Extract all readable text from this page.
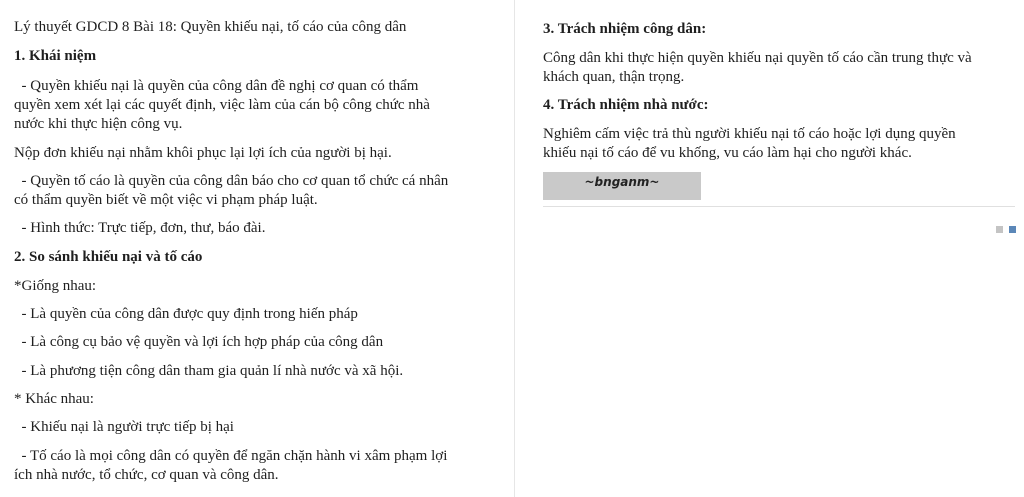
Lý thuyết GDCD 8 Bài 18: Quyền khiếu nại, tố cáo của công dân

1. Khái niệm

- Quyền khiếu nại là quyền của công dân đề nghị cơ quan có thẩm

quyền xem xét lại các quyết định, việc làm của cán bộ công chức nhà

nước khi thực hiện công vụ.

Nộp đơn khiếu nại nhằm khôi phục lại lợi ích của người bị hại.

- Quyền tố cáo là quyền của công dân báo cho cơ quan tổ chức cá nhân

có thẩm quyền biết về một việc vi phạm pháp luật.

- Hình thức: Trực tiếp, đơn, thư, báo đài.

2. So sánh khiếu nại và tố cáo

*Giống nhau:

- Là quyền của công dân được quy định trong hiến pháp

- Là công cụ bảo vệ quyền và lợi ích hợp pháp của công dân

- Là phương tiện công dân tham gia quản lí nhà nước và xã hội.

* Khác nhau:

- Khiếu nại là người trực tiếp bị hại

- Tố cáo là mọi công dân có quyền để ngăn chặn hành vi xâm phạm lợi

ích nhà nước, tổ chức, cơ quan và công dân.

3. Trách nhiệm công dân:

Công dân khi thực hiện quyền khiếu nại quyền tố cáo cần trung thực và

khách quan, thận trọng.

4. Trách nhiệm nhà nước:

Nghiêm cấm việc trả thù người khiếu nại tố cáo hoặc lợi dụng quyền

khiếu nại tố cáo để vu khống, vu cáo làm hại cho người khác.

~bnganm~
